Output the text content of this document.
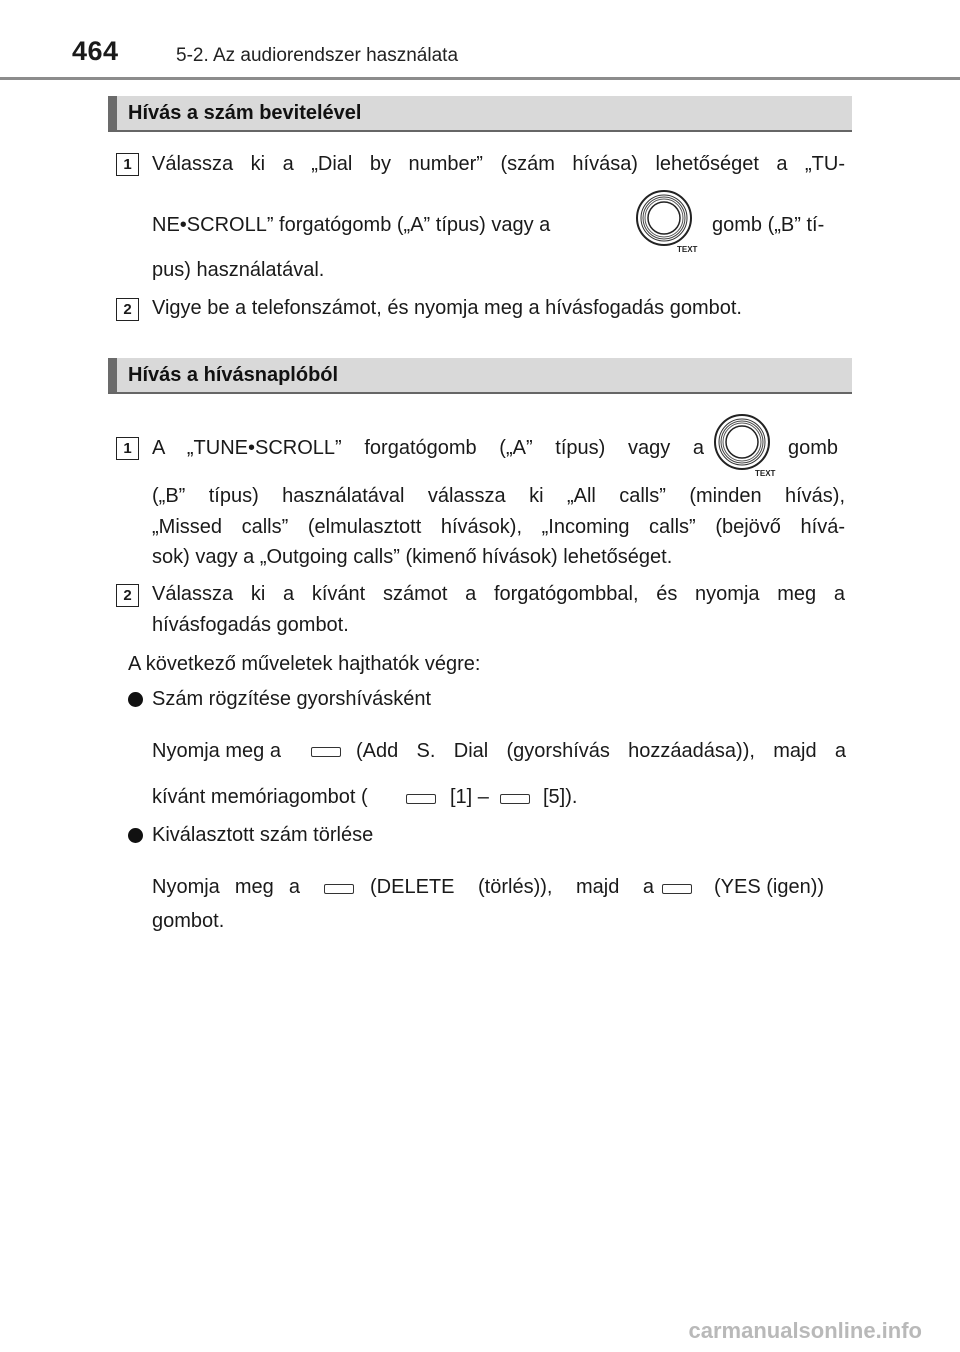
464	5-2. Az audiorendszer használata
Hívás a szám bevitelével
1	Válassza ki a „Dial by number” (szám hívása) lehetőséget a „TU-
NE•SCROLL” forgatógomb („A” típus) vagy a
TEXT
gomb („B” tí-
pus) használatával.
2	Vigye be a telefonszámot, és nyomja meg a hívásfogadás gombot.
Hívás a hívásnaplóból
1	A „TUNE•SCROLL” forgatógomb („A” típus) vagy a
TEXT
gomb
(„B” típus) használatával válassza ki „All calls” (minden hívás),
„Missed calls” (elmulasztott hívások), „Incoming calls” (bejövő hívá-
sok) vagy a „Outgoing calls” (kimenő hívások) lehetőséget.
2	Válassza ki a kívánt számot a forgatógombbal, és nyomja meg a
hívásfogadás gombot.
A következő műveletek hajthatók végre:
Szám rögzítése gyorshívásként
Nyomja meg a	(Add S. Dial (gyorshívás hozzáadása)), majd a
kívánt memóriagombot (	[1] –	[5]).
Kiválasztott szám törlése
Nyomja meg a	(DELETE (törlés)), majd a	(YES (igen))
gombot.
carmanualsonline.info
